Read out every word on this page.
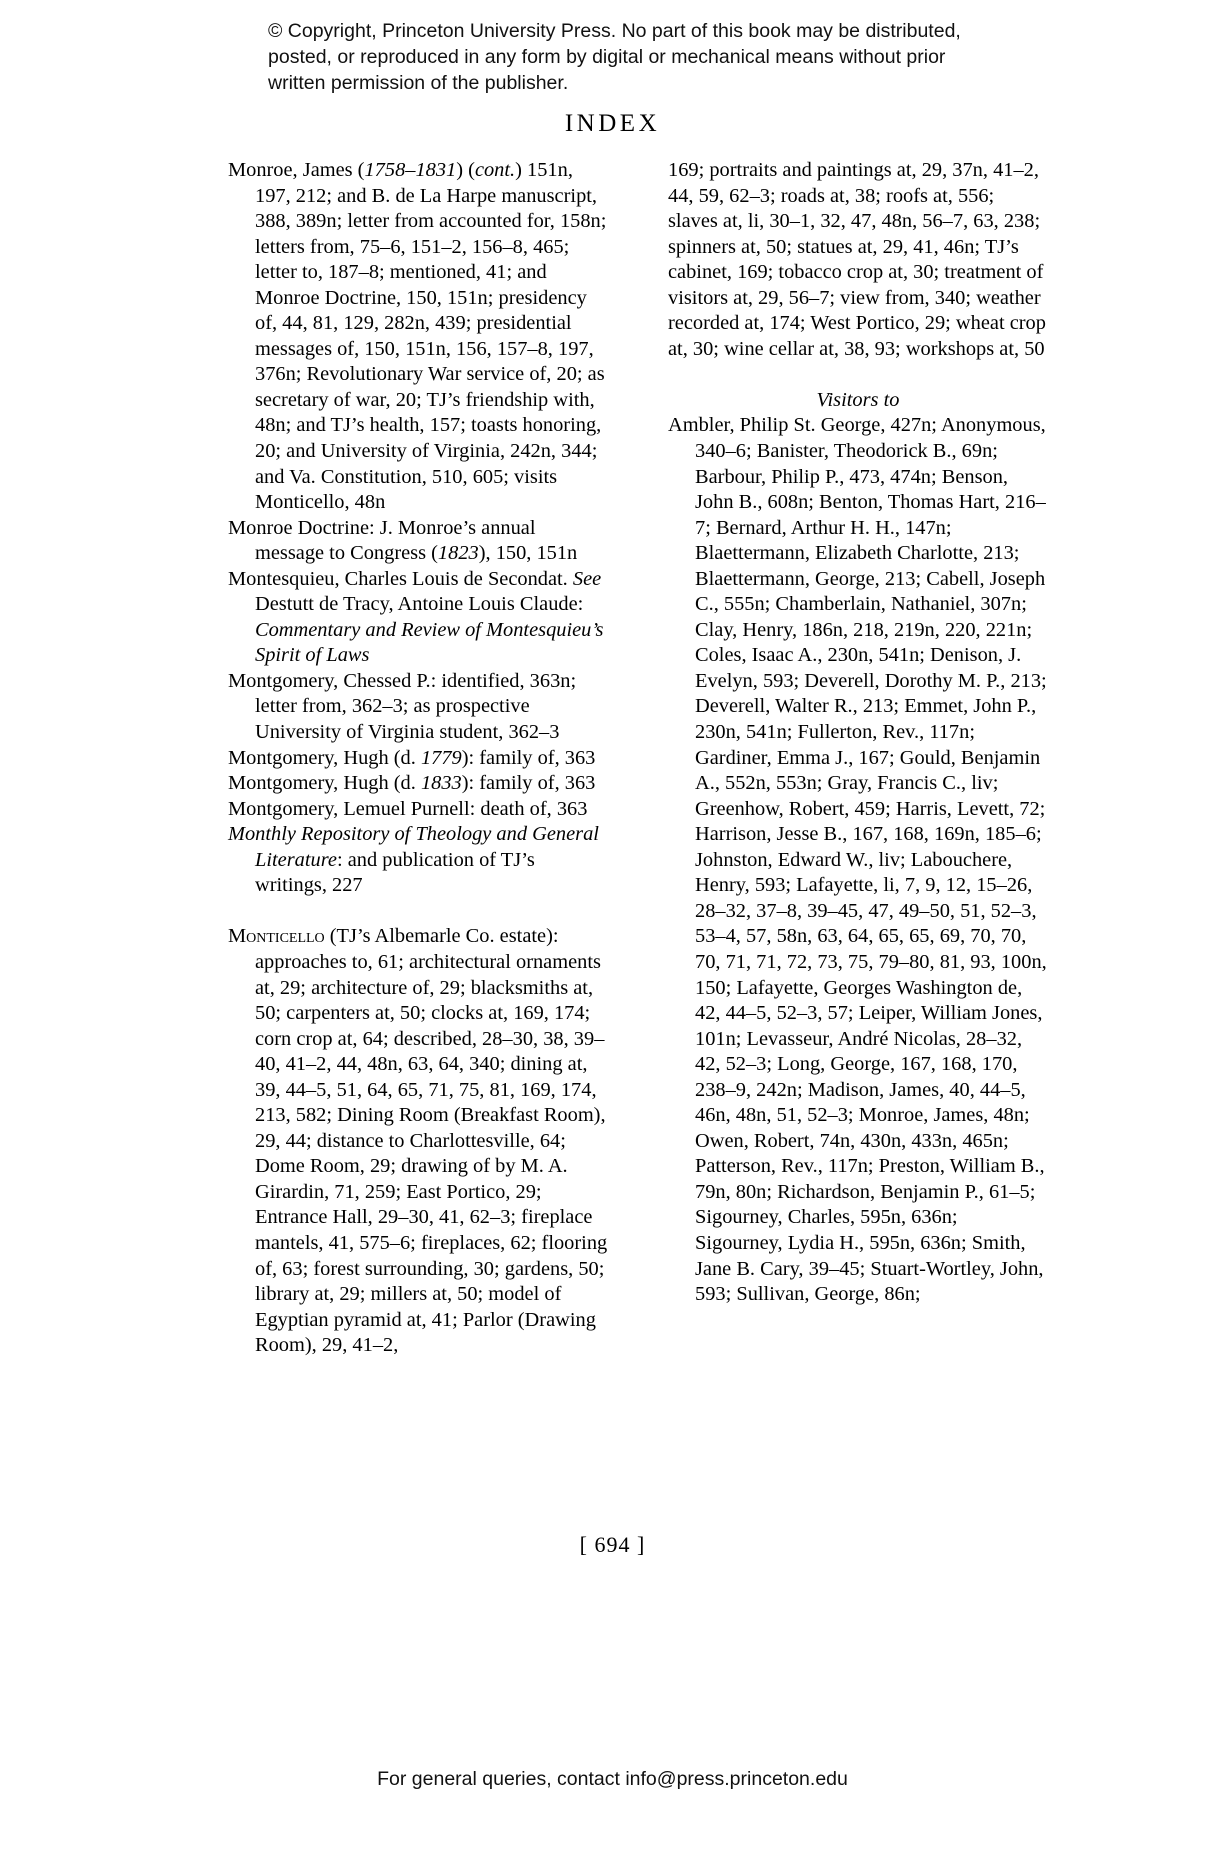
© Copyright, Princeton University Press. No part of this book may be distributed, posted, or reproduced in any form by digital or mechanical means without prior written permission of the publisher.
INDEX

Monroe, James (1758–1831) (cont.) 151n, 197, 212; and B. de La Harpe manuscript, 388, 389n; letter from accounted for, 158n; letters from, 75–6, 151–2, 156–8, 465; letter to, 187–8; mentioned, 41; and Monroe Doctrine, 150, 151n; presidency of, 44, 81, 129, 282n, 439; presidential messages of, 150, 151n, 156, 157–8, 197, 376n; Revolutionary War service of, 20; as secretary of war, 20; TJ’s friendship with, 48n; and TJ’s health, 157; toasts honoring, 20; and University of Virginia, 242n, 344; and Va. Constitution, 510, 605; visits Monticello, 48n

Monroe Doctrine: J. Monroe’s annual message to Congress (1823), 150, 151n

Montesquieu, Charles Louis de Secondat. See Destutt de Tracy, Antoine Louis Claude: Commentary and Review of Montesquieu’s Spirit of Laws

Montgomery, Chessed P.: identified, 363n; letter from, 362–3; as prospective University of Virginia student, 362–3

Montgomery, Hugh (d. 1779): family of, 363

Montgomery, Hugh (d. 1833): family of, 363

Montgomery, Lemuel Purnell: death of, 363

Monthly Repository of Theology and General Literature: and publication of TJ’s writings, 227

Monticello (TJ’s Albemarle Co. estate): approaches to, 61; architectural ornaments at, 29; architecture of, 29; blacksmiths at, 50; carpenters at, 50; clocks at, 169, 174; corn crop at, 64; described, 28–30, 38, 39–40, 41–2, 44, 48n, 63, 64, 340; dining at, 39, 44–5, 51, 64, 65, 71, 75, 81, 169, 174, 213, 582; Dining Room (Breakfast Room), 29, 44; distance to Charlottesville, 64; Dome Room, 29; drawing of by M. A. Girardin, 71, 259; East Portico, 29; Entrance Hall, 29–30, 41, 62–3; fireplace mantels, 41, 575–6; fireplaces, 62; flooring of, 63; forest surrounding, 30; gardens, 50; library at, 29; millers at, 50; model of Egyptian pyramid at, 41; Parlor (Drawing Room), 29, 41–2,

169; portraits and paintings at, 29, 37n, 41–2, 44, 59, 62–3; roads at, 38; roofs at, 556; slaves at, li, 30–1, 32, 47, 48n, 56–7, 63, 238; spinners at, 50; statues at, 29, 41, 46n; TJ’s cabinet, 169; tobacco crop at, 30; treatment of visitors at, 29, 56–7; view from, 340; weather recorded at, 174; West Portico, 29; wheat crop at, 30; wine cellar at, 38, 93; workshops at, 50

Visitors to

Ambler, Philip St. George, 427n; Anonymous, 340–6; Banister, Theodorick B., 69n; Barbour, Philip P., 473, 474n; Benson, John B., 608n; Benton, Thomas Hart, 216–7; Bernard, Arthur H. H., 147n; Blaettermann, Elizabeth Charlotte, 213; Blaettermann, George, 213; Cabell, Joseph C., 555n; Chamberlain, Nathaniel, 307n; Clay, Henry, 186n, 218, 219n, 220, 221n; Coles, Isaac A., 230n, 541n; Denison, J. Evelyn, 593; Deverell, Dorothy M. P., 213; Deverell, Walter R., 213; Emmet, John P., 230n, 541n; Fullerton, Rev., 117n; Gardiner, Emma J., 167; Gould, Benjamin A., 552n, 553n; Gray, Francis C., liv; Greenhow, Robert, 459; Harris, Levett, 72; Harrison, Jesse B., 167, 168, 169n, 185–6; Johnston, Edward W., liv; Labouchere, Henry, 593; Lafayette, li, 7, 9, 12, 15–26, 28–32, 37–8, 39–45, 47, 49–50, 51, 52–3, 53–4, 57, 58n, 63, 64, 65, 65, 69, 70, 70, 70, 71, 71, 72, 73, 75, 79–80, 81, 93, 100n, 150; Lafayette, Georges Washington de, 42, 44–5, 52–3, 57; Leiper, William Jones, 101n; Levasseur, André Nicolas, 28–32, 42, 52–3; Long, George, 167, 168, 170, 238–9, 242n; Madison, James, 40, 44–5, 46n, 48n, 51, 52–3; Monroe, James, 48n; Owen, Robert, 74n, 430n, 433n, 465n; Patterson, Rev., 117n; Preston, William B., 79n, 80n; Richardson, Benjamin P., 61–5; Sigourney, Charles, 595n, 636n; Sigourney, Lydia H., 595n, 636n; Smith, Jane B. Cary, 39–45; Stuart-Wortley, John, 593; Sullivan, George, 86n;

[ 694 ]
For general queries, contact info@press.princeton.edu
